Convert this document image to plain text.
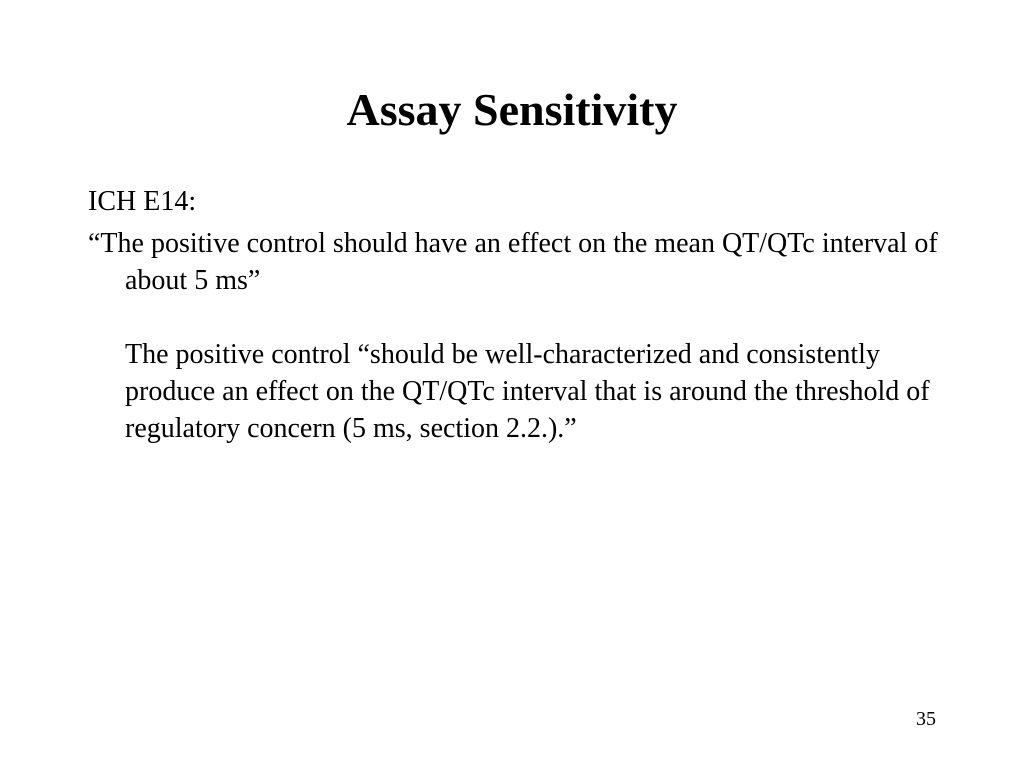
Assay Sensitivity

ICH E14:

“The positive control should have an effect on the mean QT/QTc interval of about 5 ms”

The positive control “should be well-characterized and consistently produce an effect on the QT/QTc interval that is around the threshold of regulatory concern (5 ms, section 2.2.).”

35
